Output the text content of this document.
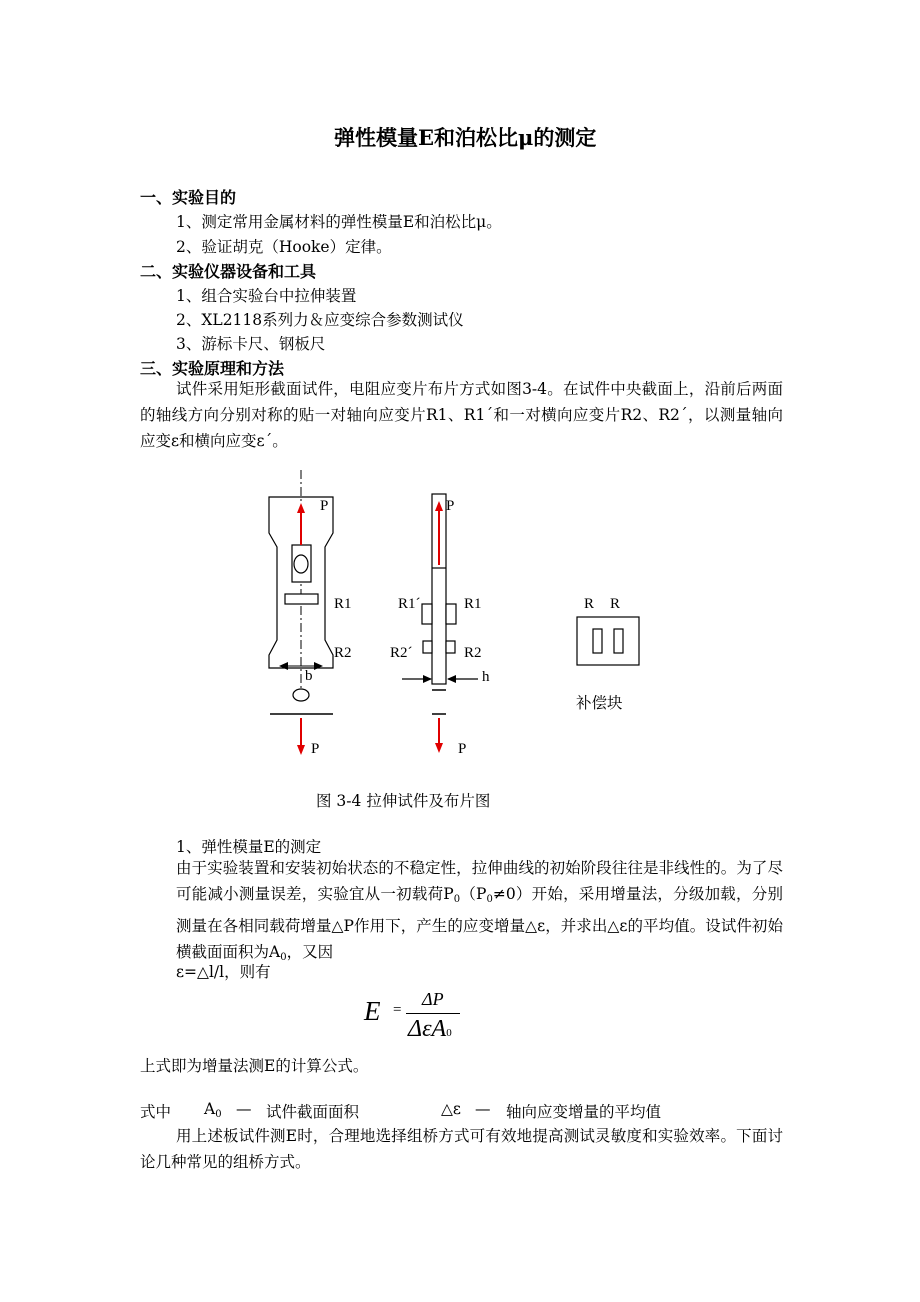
弹性模量E和泊松比μ的测定
一、实验目的
1、测定常用金属材料的弹性模量E和泊松比μ。
2、验证胡克（Hooke）定律。
二、实验仪器设备和工具
1、组合实验台中拉伸装置
2、XL2118系列力＆应变综合参数测试仪
3、游标卡尺、钢板尺
三、实验原理和方法
试件采用矩形截面试件，电阻应变片布片方式如图3-4。在试件中央截面上，沿前后两面的轴线方向分别对称的贴一对轴向应变片R1、R1´和一对横向应变片R2、R2´，以测量轴向应变ε和横向应变ε´。
P
R1
R2
b
P
P
R1´	R1
R2´	R2
h
P
R R
补偿块
图 3-4 拉伸试件及布片图
1、弹性模量E的测定
由于实验装置和安装初始状态的不稳定性，拉伸曲线的初始阶段往往是非线性的。为了尽可能减小测量误差，实验宜从一初载荷$P_0(P_0\ne 0)$开始，采用增量法，分级加载，分别测量在各相同载荷增量△P作用下，产生的应变增量△ε，并求出△ε的平均值。设试件初始横截面面积为$A_0$，又因
ε=△l/l，则有
E =
ΔP
ΔεA0
上式即为增量法测E的计算公式。
式中 $A_0$ — 试件截面面积	△ε — 轴向应变增量的平均值
用上述板试件测E时，合理地选择组桥方式可有效地提高测试灵敏度和实验效率。下面讨论几种常见的组桥方式。
